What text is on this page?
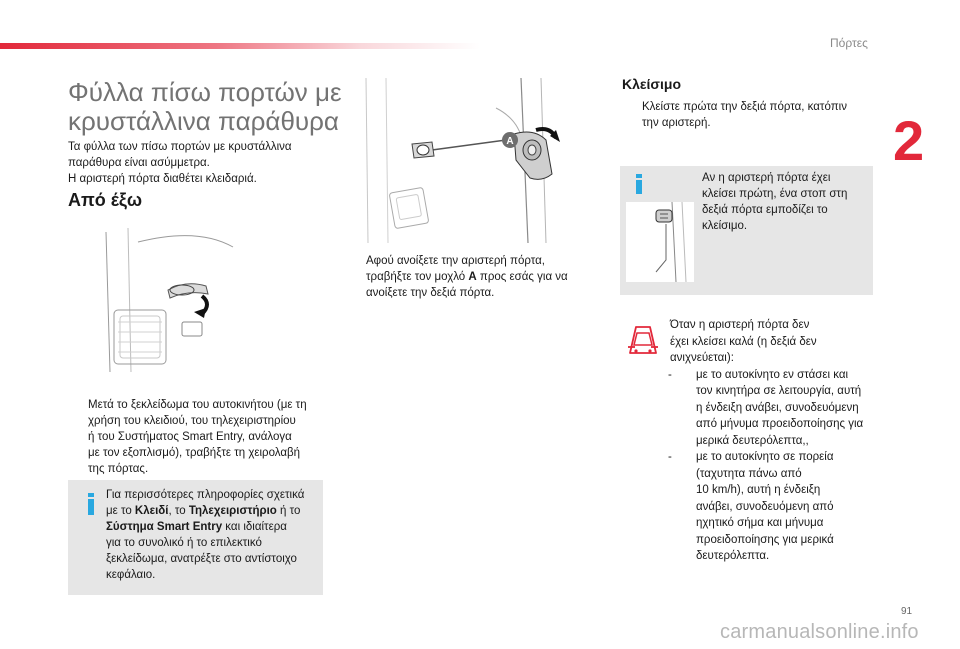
Πόρτες
2
Φύλλα πίσω πορτών με κρυστάλλινα παράθυρα
Τα φύλλα των πίσω πορτών με κρυστάλλινα
παράθυρα είναι ασύμμετρα.
Η αριστερή πόρτα διαθέτει κλειδαριά.
Από έξω
Μετά το ξεκλείδωμα του αυτοκινήτου (με τη
χρήση του κλειδιού, του τηλεχειριστηρίου
ή του Συστήματος Smart Entry, ανάλογα
με τον εξοπλισμό), τραβήξτε τη χειρολαβή
της πόρτας.
Για περισσότερες πληροφορίες σχετικά
με το Κλειδί, το Τηλεχειριστήριο ή το
Σύστημα Smart Entry και ιδιαίτερα
για το συνολικό ή το επιλεκτικό
ξεκλείδωμα, ανατρέξτε στο αντίστοιχο
κεφάλαιο.
A
Αφού ανοίξετε την αριστερή πόρτα,
τραβήξτε τον μοχλό A προς εσάς για να
ανοίξετε την δεξιά πόρτα.
Κλείσιμο
Κλείστε πρώτα την δεξιά πόρτα, κατόπιν
την αριστερή.
Αν η αριστερή πόρτα έχει
κλείσει πρώτη, ένα στοπ στη
δεξιά πόρτα εμποδίζει το
κλείσιμο.
Όταν η αριστερή πόρτα δεν
έχει κλείσει καλά (η δεξιά δεν
ανιχνεύεται):
- με το αυτοκίνητο εν στάσει και
τον κινητήρα σε λειτουργία, αυτή
η ένδειξη ανάβει, συνοδευόμενη
από μήνυμα προειδοποίησης για
μερικά δευτερόλεπτα,,
- με το αυτοκίνητο σε πορεία
(ταχυτητα πάνω από
10 km/h), αυτή η ένδειξη
ανάβει, συνοδευόμενη από
ηχητικό σήμα και μήνυμα
προειδοποίησης για μερικά
δευτερόλεπτα.
91
carmanualsonline.info
